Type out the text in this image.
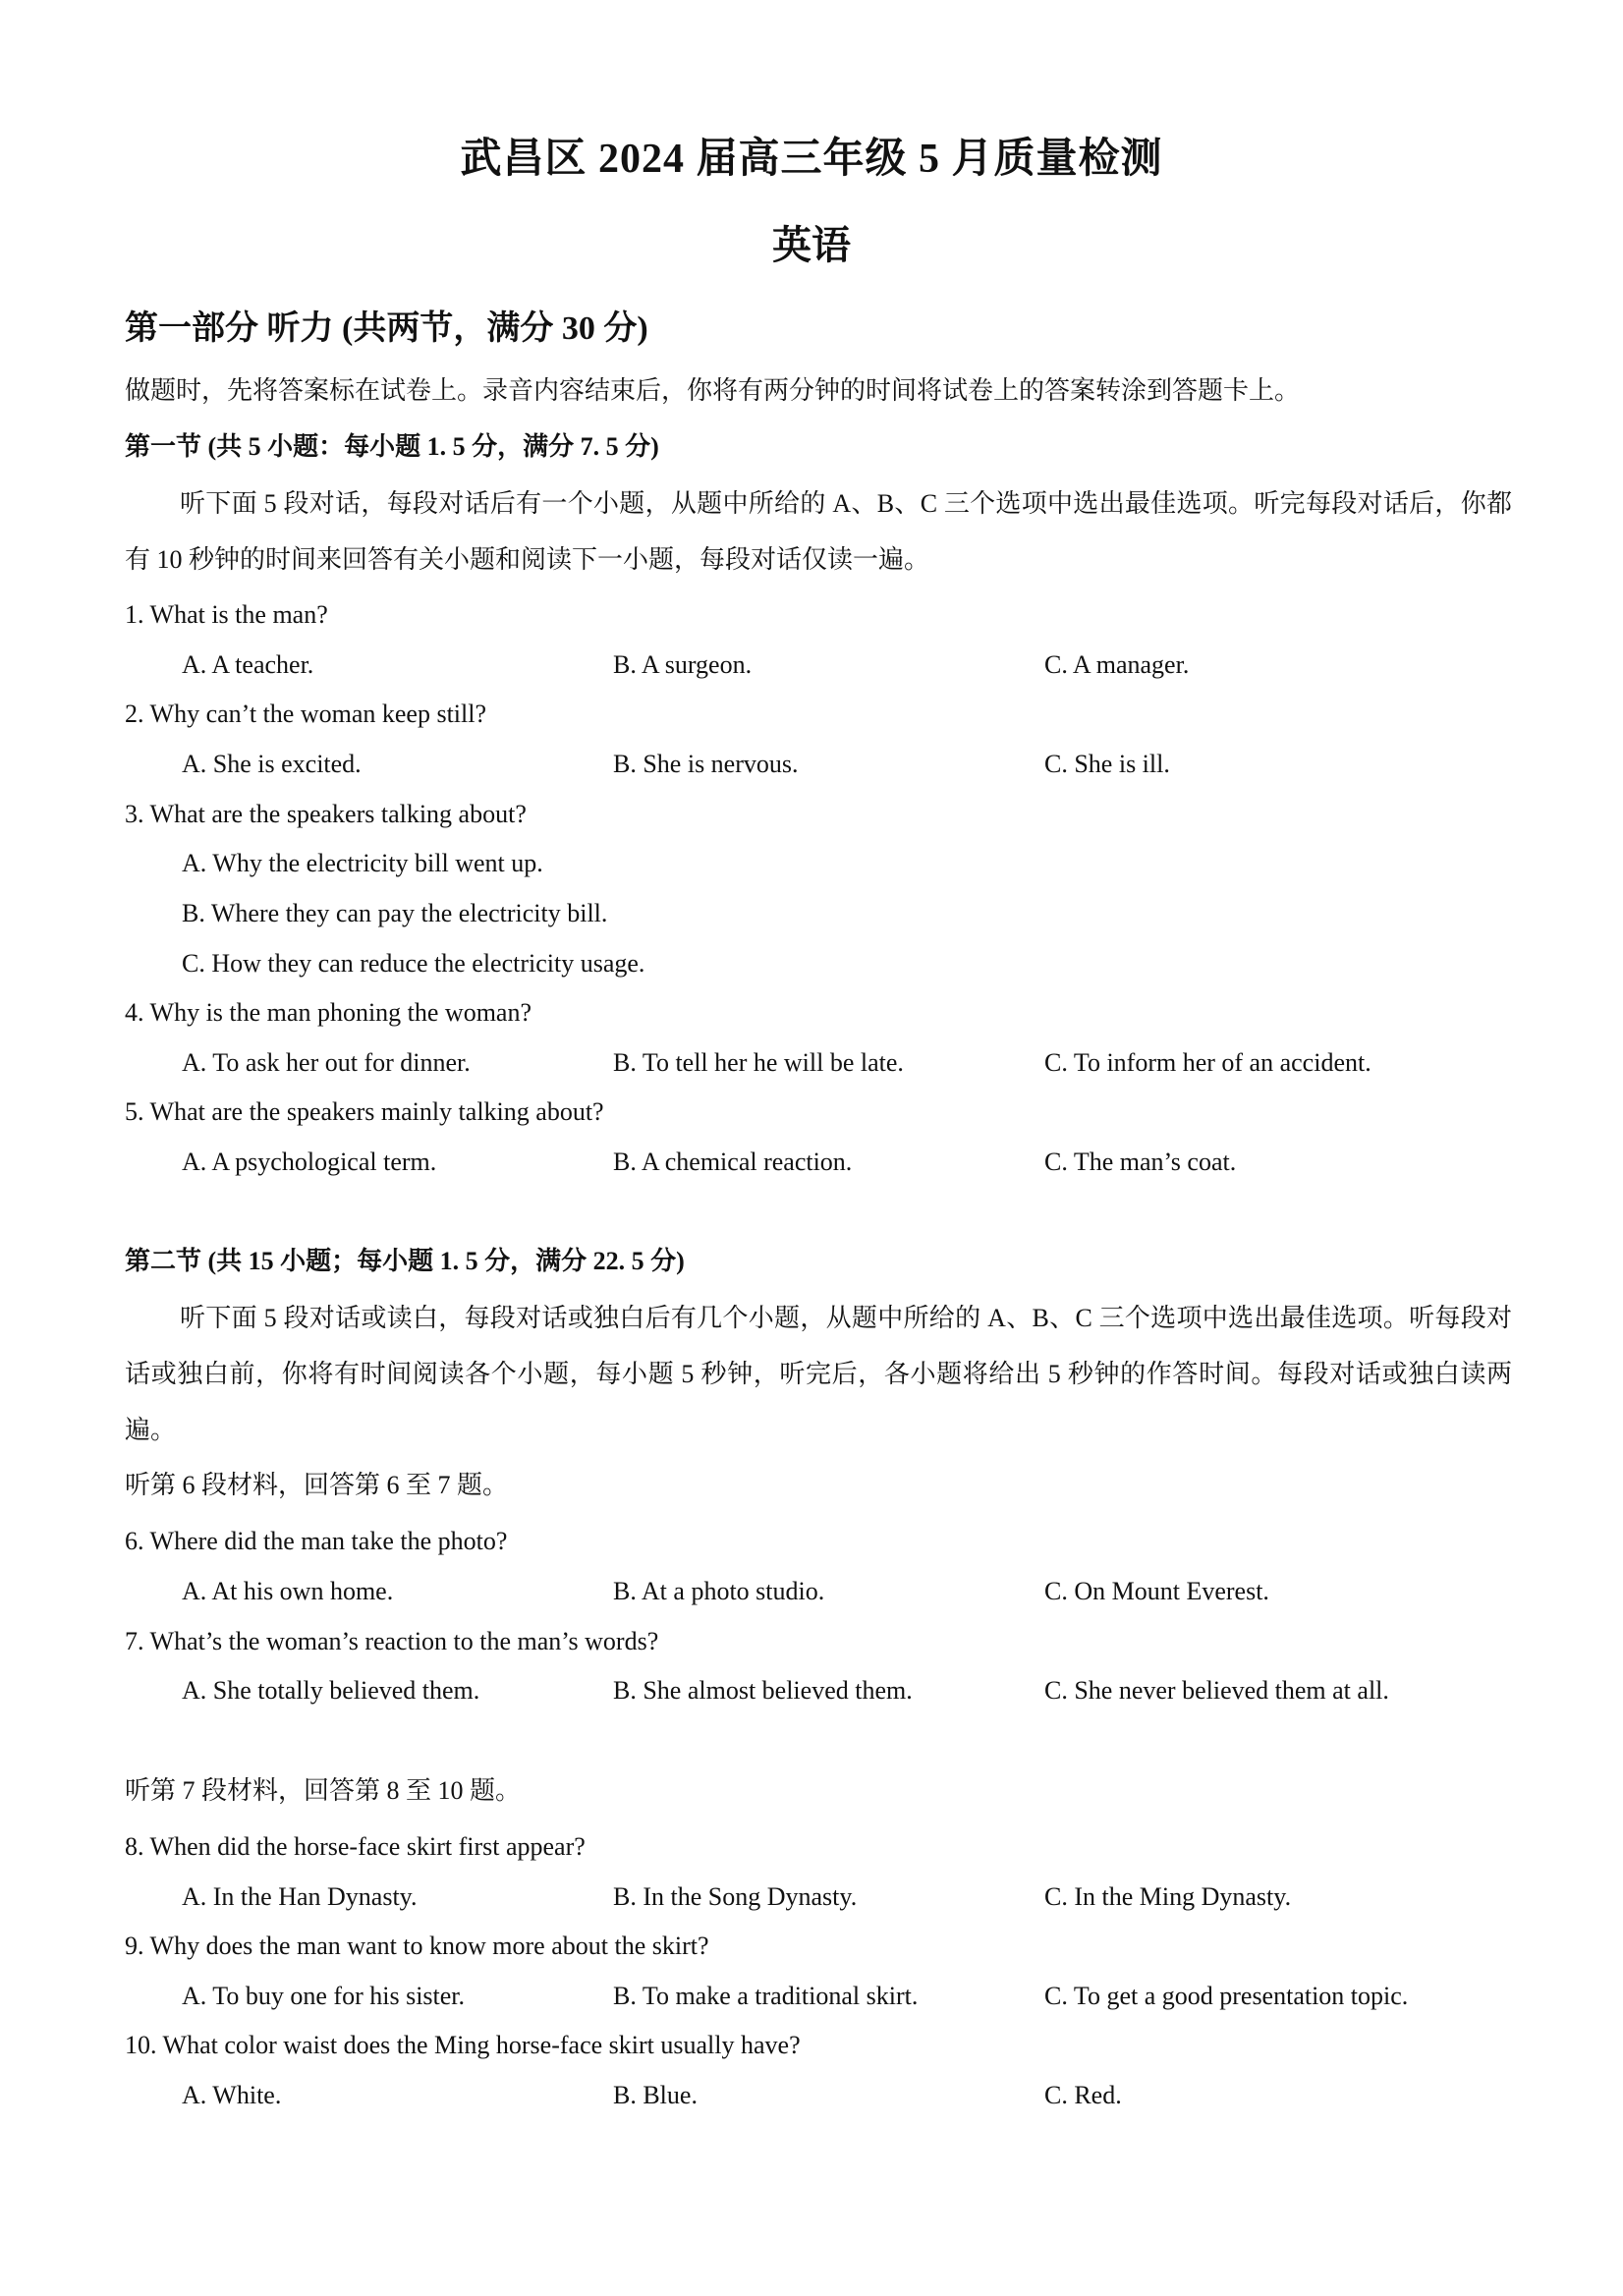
武昌区 2024 届高三年级 5 月质量检测
英语
第一部分 听力 (共两节，满分 30 分)
做题时，先将答案标在试卷上。录音内容结束后，你将有两分钟的时间将试卷上的答案转涂到答题卡上。
第一节 (共 5 小题：每小题 1. 5 分，满分 7. 5 分)
听下面 5 段对话，每段对话后有一个小题，从题中所给的 A、B、C 三个选项中选出最佳选项。听完每段对话后，你都有 10 秒钟的时间来回答有关小题和阅读下一小题，每段对话仅读一遍。
1. What is the man?
A. A teacher.	B. A surgeon.	C. A manager.
2. Why can’t the woman keep still?
A. She is excited.	B. She is nervous.	C. She is ill.
3. What are the speakers talking about?
A. Why the electricity bill went up.
B. Where they can pay the electricity bill.
C. How they can reduce the electricity usage.
4. Why is the man phoning the woman?
A. To ask her out for dinner.	B. To tell her he will be late.	C. To inform her of an accident.
5. What are the speakers mainly talking about?
A. A psychological term.	B. A chemical reaction.	C. The man’s coat.
第二节 (共 15 小题；每小题 1. 5 分，满分 22. 5 分)
听下面 5 段对话或读白，每段对话或独白后有几个小题，从题中所给的 A、B、C 三个选项中选出最佳选项。听每段对话或独白前，你将有时间阅读各个小题，每小题 5 秒钟，听完后，各小题将给出 5 秒钟的作答时间。每段对话或独白读两遍。
听第 6 段材料，回答第 6 至 7 题。
6. Where did the man take the photo?
A. At his own home.	B. At a photo studio.	C. On Mount Everest.
7. What’s the woman’s reaction to the man’s words?
A. She totally believed them.	B. She almost believed them.	C. She never believed them at all.
听第 7 段材料，回答第 8 至 10 题。
8. When did the horse-face skirt first appear?
A. In the Han Dynasty.	B. In the Song Dynasty.	C. In the Ming Dynasty.
9. Why does the man want to know more about the skirt?
A. To buy one for his sister.	B. To make a traditional skirt.	C. To get a good presentation topic.
10. What color waist does the Ming horse-face skirt usually have?
A. White.	B. Blue.	C. Red.
